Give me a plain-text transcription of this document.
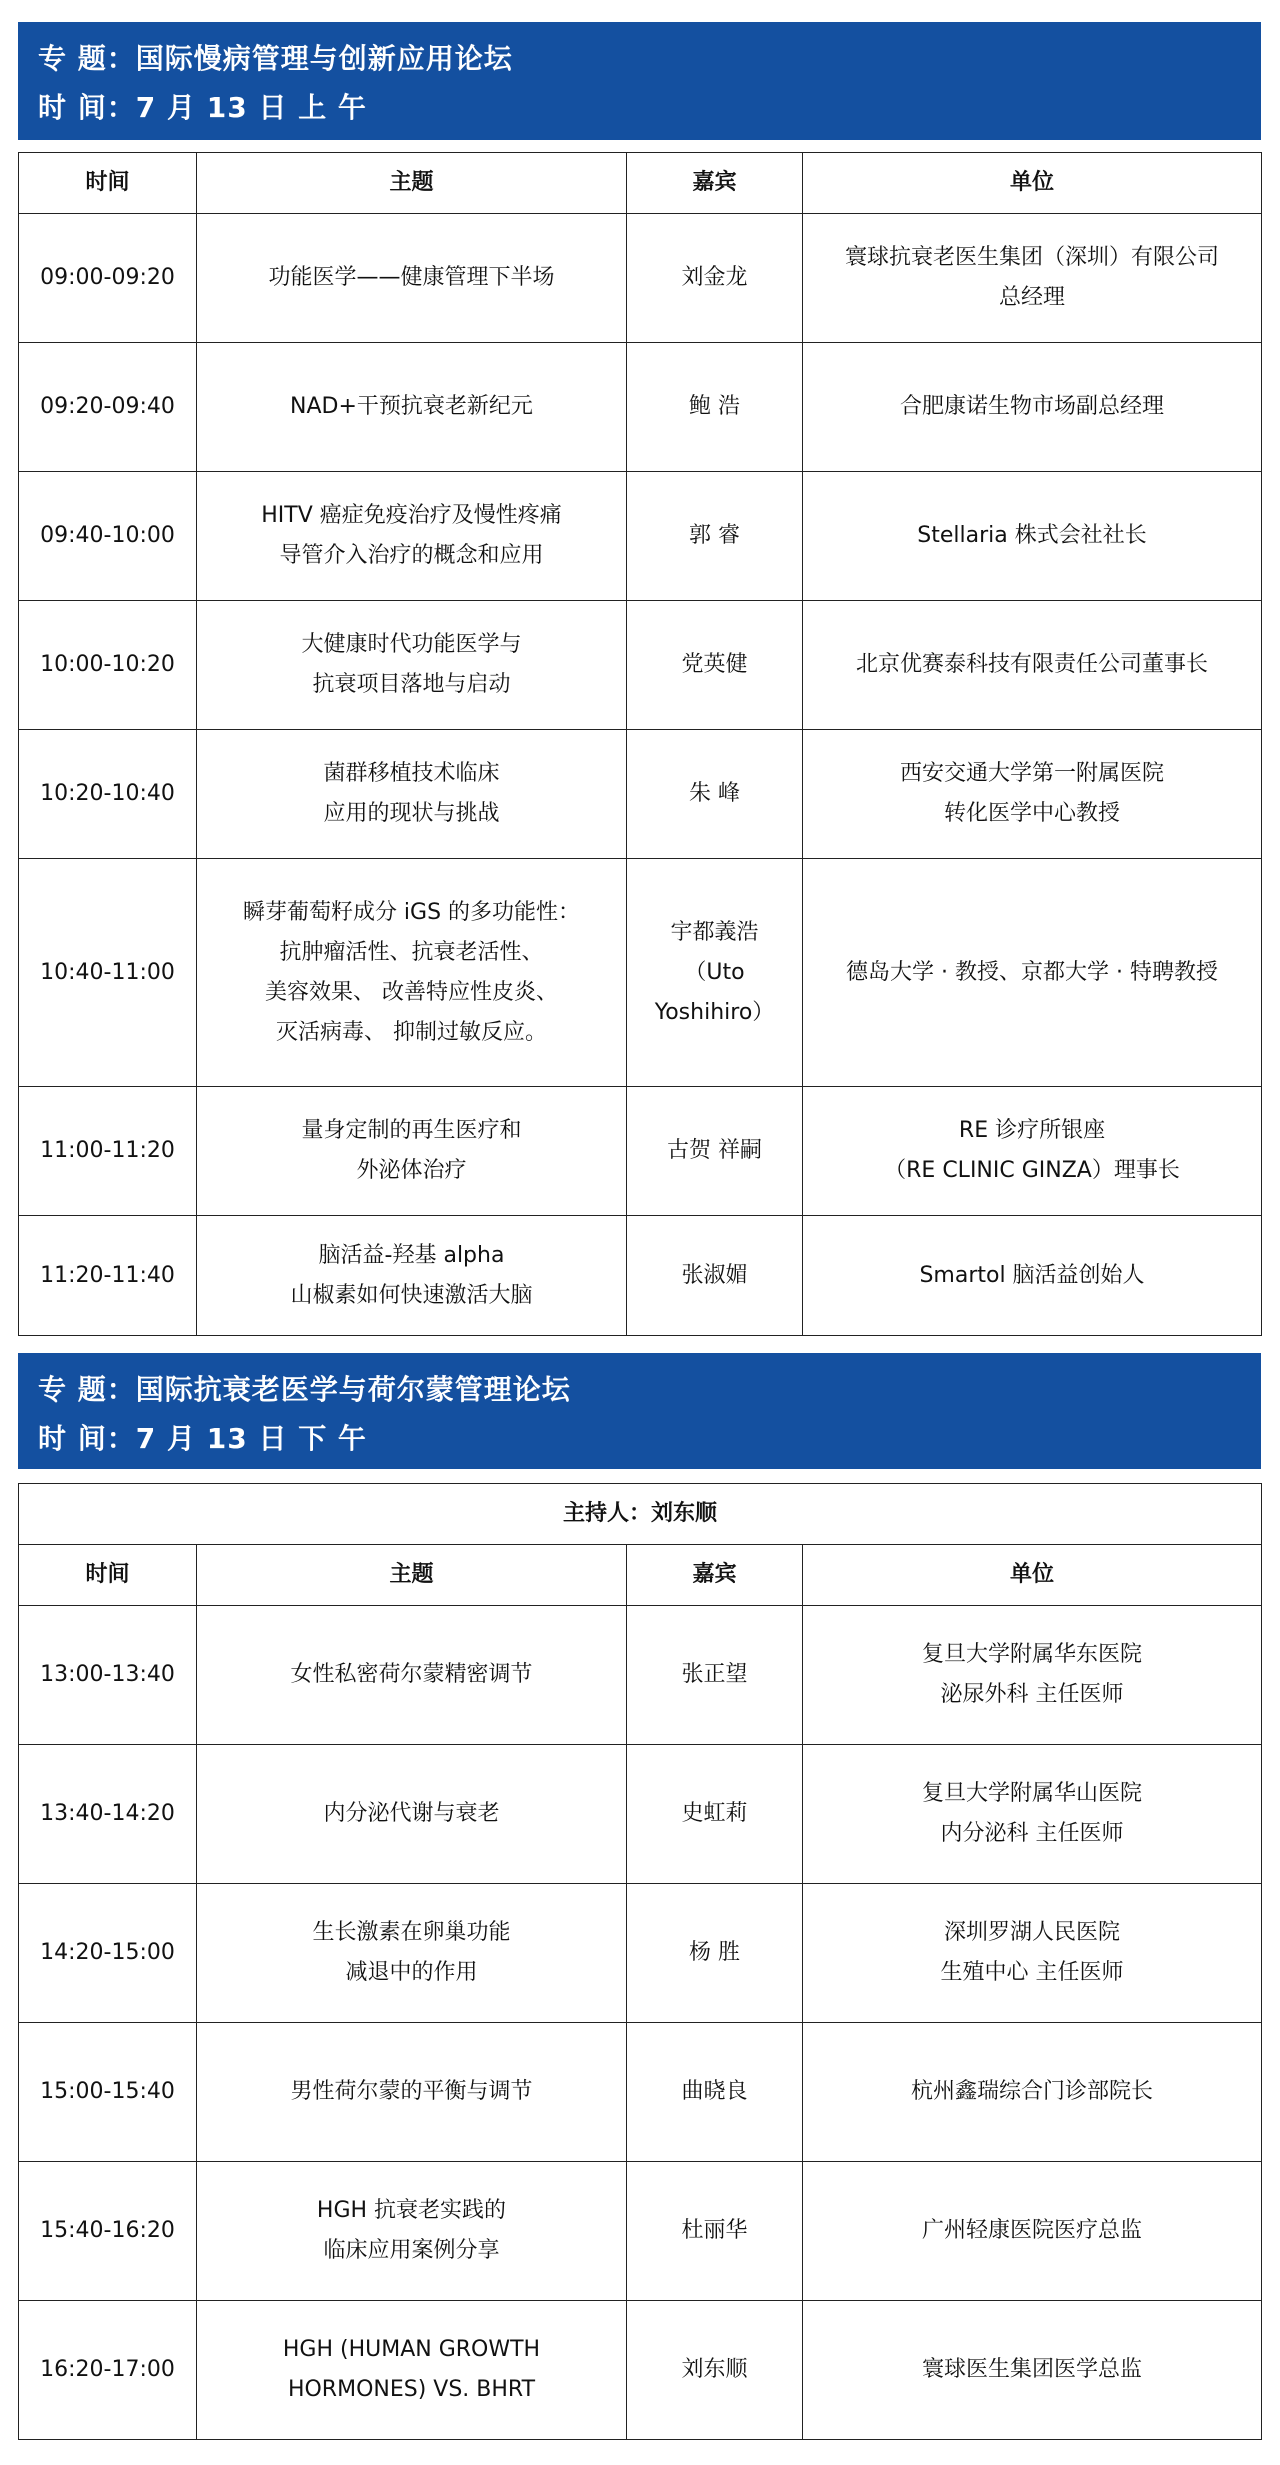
专 题：国际慢病管理与创新应用论坛
时 间：7 月 13 日 上 午
时间	主题	嘉宾	单位
09:00-09:20	功能医学——健康管理下半场	刘金龙	寰球抗衰老医生集团（深圳）有限公司
总经理

09:20-09:40	NAD+干预抗衰老新纪元	鲍 浩	合肥康诺生物市场副总经理

09:40-10:00	HITV 癌症免疫治疗及慢性疼痛
导管介入治疗的概念和应用	郭 睿	Stellaria 株式会社社长

10:00-10:20	大健康时代功能医学与
抗衰项目落地与启动	党英健	北京优赛泰科技有限责任公司董事长

10:20-10:40	菌群移植技术临床
应用的现状与挑战	朱 峰	西安交通大学第一附属医院
转化医学中心教授

10:40-11:00	瞬芽葡萄籽成分 iGS 的多功能性：
抗肿瘤活性、抗衰老活性、
美容效果、 改善特应性皮炎、
灭活病毒、 抑制过敏反应。	宇都義浩
（Uto
Yoshihiro）	德岛大学 · 教授、京都大学 · 特聘教授

11:00-11:20	量身定制的再生医疗和
外泌体治疗	古贺 祥嗣	RE 诊疗所银座
（RE CLINIC GINZA）理事长

11:20-11:40	脑活益-羟基 alpha
山椒素如何快速激活大脑	张淑媚	Smartol 脑活益创始人
专 题：国际抗衰老医学与荷尔蒙管理论坛
时 间：7 月 13 日 下 午
主持人：刘东顺			
时间	主题	嘉宾	单位
13:00-13:40	女性私密荷尔蒙精密调节	张正望	复旦大学附属华东医院
泌尿外科 主任医师

13:40-14:20	内分泌代谢与衰老	史虹莉	复旦大学附属华山医院
内分泌科 主任医师

14:20-15:00	生长激素在卵巢功能
减退中的作用	杨 胜	深圳罗湖人民医院
生殖中心 主任医师

15:00-15:40	男性荷尔蒙的平衡与调节	曲晓良	杭州鑫瑞综合门诊部院长

15:40-16:20	HGH 抗衰老实践的
临床应用案例分享	杜丽华	广州轻康医院医疗总监

16:20-17:00	HGH (HUMAN GROWTH
HORMONES) VS. BHRT	刘东顺	寰球医生集团医学总监
